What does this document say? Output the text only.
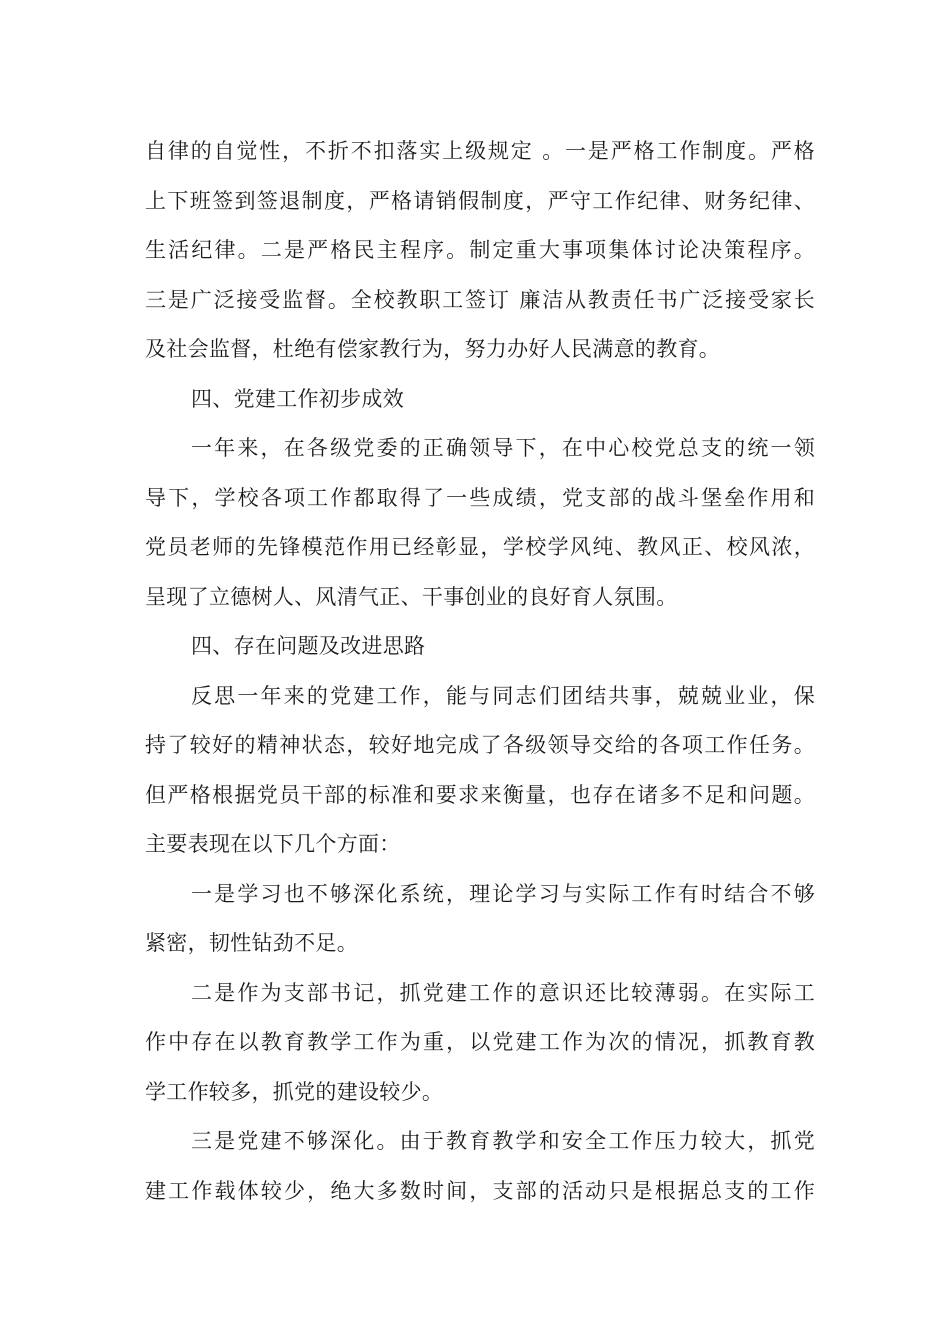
自律的自觉性，不折不扣落实上级规定 。一是严格工作制度。严格
上下班签到签退制度，严格请销假制度，严守工作纪律、财务纪律、
生活纪律。二是严格民主程序。制定重大事项集体讨论决策程序。
三是广泛接受监督。全校教职工签订 廉洁从教责任书广泛接受家长
及社会监督，杜绝有偿家教行为，努力办好人民满意的教育。
四、党建工作初步成效
一年来，在各级党委的正确领导下，在中心校党总支的统一领
导下，学校各项工作都取得了一些成绩，党支部的战斗堡垒作用和
党员老师的先锋模范作用已经彰显，学校学风纯、教风正、校风浓，
呈现了立德树人、风清气正、干事创业的良好育人氛围。
四、存在问题及改进思路
反思一年来的党建工作，能与同志们团结共事，兢兢业业，保
持了较好的精神状态，较好地完成了各级领导交给的各项工作任务。
但严格根据党员干部的标准和要求来衡量，也存在诸多不足和问题。
主要表现在以下几个方面：
一是学习也不够深化系统，理论学习与实际工作有时结合不够
紧密，韧性钻劲不足。
二是作为支部书记，抓党建工作的意识还比较薄弱。在实际工
作中存在以教育教学工作为重，以党建工作为次的情况，抓教育教
学工作较多，抓党的建设较少。
三是党建不够深化。由于教育教学和安全工作压力较大，抓党
建工作载体较少，绝大多数时间，支部的活动只是根据总支的工作
